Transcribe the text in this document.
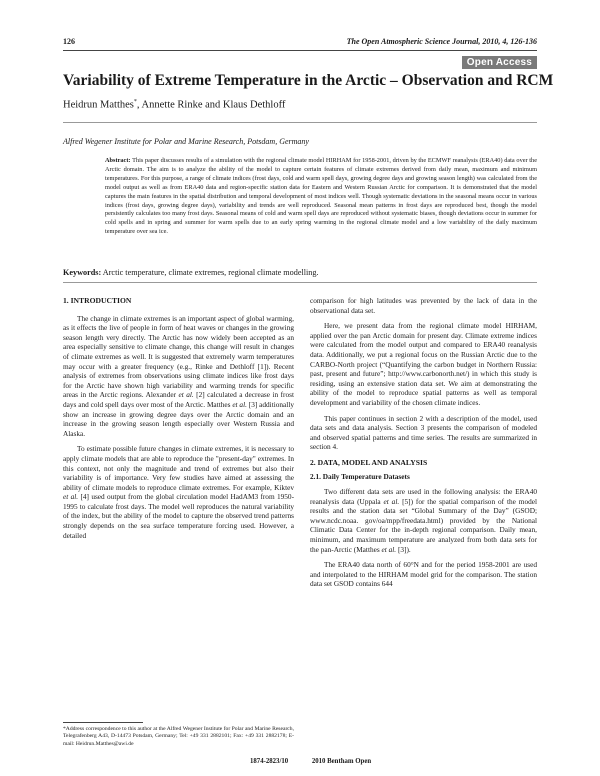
126	The Open Atmospheric Science Journal, 2010, 4, 126-136
Open Access
Variability of Extreme Temperature in the Arctic – Observation and RCM
Heidrun Matthes*, Annette Rinke and Klaus Dethloff
Alfred Wegener Institute for Polar and Marine Research, Potsdam, Germany
Abstract: This paper discusses results of a simulation with the regional climate model HIRHAM for 1958-2001, driven by the ECMWF reanalysis (ERA40) data over the Arctic domain. The aim is to analyze the ability of the model to capture certain features of climate extremes derived from daily mean, maximum and minimum temperatures. For this purpose, a range of climate indices (frost days, cold and warm spell days, growing degree days and growing season length) was calculated from the model output as well as from ERA40 data and region-specific station data for Eastern and Western Russian Arctic for comparison. It is demonstrated that the model captures the main features in the spatial distribution and temporal development of most indices well. Though systematic deviations in the seasonal means occur in various indices (frost days, growing degree days), variability and trends are well reproduced. Seasonal mean patterns in frost days are reproduced best, though the model persistently calculates too many frost days. Seasonal means of cold and warm spell days are reproduced without systematic biases, though deviations occur in summer for cold spells and in spring and summer for warm spells due to an early spring warming in the regional climate model and a low variability of the daily maximum temperature over sea ice.
Keywords: Arctic temperature, climate extremes, regional climate modelling.
1. INTRODUCTION

The change in climate extremes is an important aspect of global warming, as it effects the live of people in form of heat waves or changes in the growing season length very directly. The Arctic has now widely been accepted as an area especially sensitive to climate change, this change will result in changes of climate extremes as well. It is suggested that extremely warm temperatures may occur with a greater frequency (e.g., Rinke and Dethloff [1]). Recent analysis of extremes from observations using climate indices like frost days for the Arctic have shown high variability and warming trends for specific areas in the Arctic regions. Alexander et al. [2] calculated a decrease in frost days and cold spell days over most of the Arctic. Matthes et al. [3] additionally show an increase in growing degree days over the Arctic domain and an increase in the growing season length especially over Western Russia and Alaska.

To estimate possible future changes in climate extremes, it is necessary to apply climate models that are able to reproduce the "present-day" extremes. In this context, not only the magnitude and trend of extremes but also their variability is of importance. Very few studies have aimed at assessing the ability of climate models to reproduce climate extremes. For example, Kiktev et al. [4] used output from the global circulation model HadAM3 from 1950-1995 to calculate frost days. The model well reproduces the natural variability of the index, but the ability of the model to capture the observed trend patterns strongly depends on the sea surface temperature forcing used. However, a detailed

comparison for high latitudes was prevented by the lack of data in the observational data set.

Here, we present data from the regional climate model HIRHAM, applied over the pan Arctic domain for present day. Climate extreme indices were calculated from the model output and compared to ERA40 reanalysis data. Additionally, we put a regional focus on the Russian Arctic due to the CARBO-North project (“Quantifying the carbon budget in Northern Russia: past, present and future”; http://www.carbonorth.net/) in which this study is residing, using an extensive station data set. We aim at demonstrating the ability of the model to reproduce spatial patterns as well as temporal development and variability of the chosen climate indices.

This paper continues in section 2 with a description of the model, used data sets and data analysis. Section 3 presents the comparison of modeled and observed spatial patterns and time series. The results are summarized in section 4.

2. DATA, MODEL AND ANALYSIS
2.1. Daily Temperature Datasets

Two different data sets are used in the following analysis: the ERA40 reanalysis data (Uppala et al. [5]) for the spatial comparison of the model results and the station data set “Global Summary of the Day” (GSOD; www.ncdc.noaa. gov/oa/mpp/freedata.html) provided by the National Climatic Data Center for the in-depth regional comparison. Daily mean, minimum, and maximum temperature are analyzed from both data sets for the pan-Arctic (Matthes et al. [3]).

The ERA40 data north of 60°N and for the period 1958-2001 are used and interpolated to the HIRHAM model grid for the comparison. The station data set GSOD contains 644

*Address correspondence to this author at the Alfred Wegener Institute for Polar and Marine Research, Telegrafenberg A43, D-14473 Potsdam, Germany; Tel: +49 331 2882101; Fax: +49 331 2882178; E-mail: Heidrun.Matthes@awi.de
1874-2823/10	2010 Bentham Open
